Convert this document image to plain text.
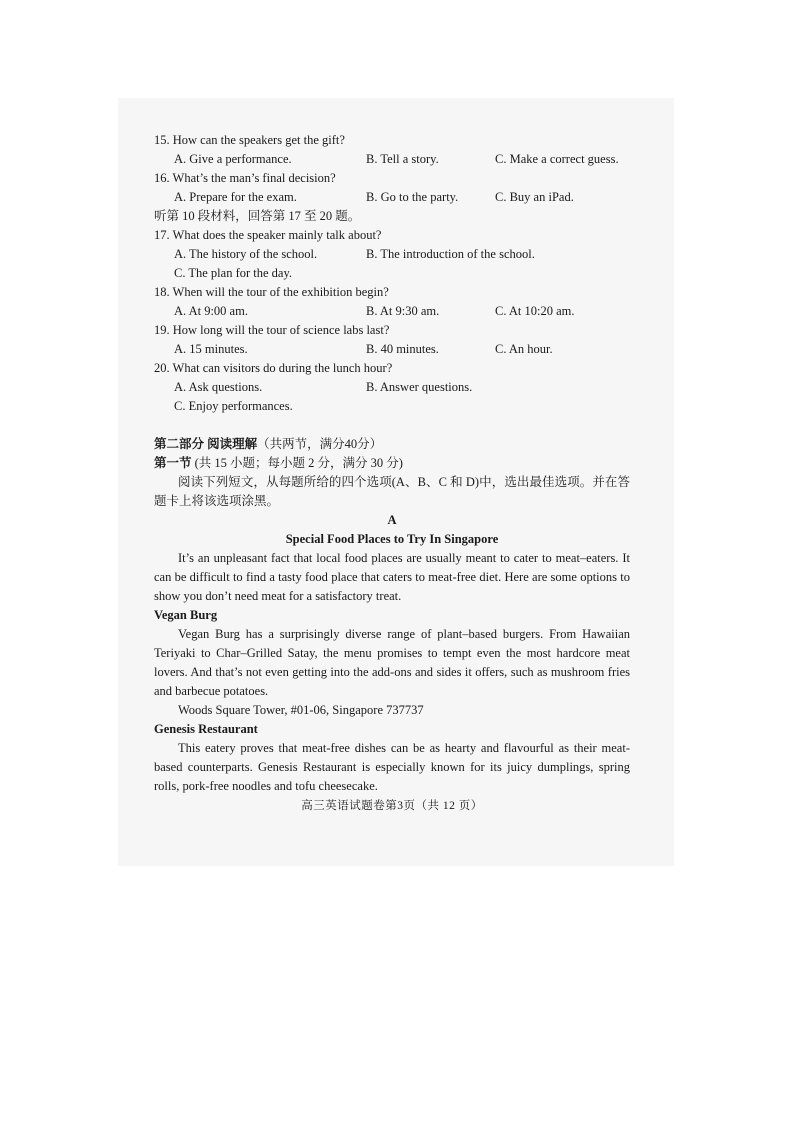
15. How can the speakers get the gift?
A. Give a performance.	B. Tell a story.	C. Make a correct guess.
16. What’s the man’s final decision?
A. Prepare for the exam.	B. Go to the party.	C. Buy an iPad.
听第 10 段材料，回答第 17 至 20 题。
17. What does the speaker mainly talk about?
A. The history of the school.	B. The introduction of the school.
C. The plan for the day.
18. When will the tour of the exhibition begin?
A. At 9:00 am.	B. At 9:30 am.	C. At 10:20 am.
19. How long will the tour of science labs last?
A. 15 minutes.	B. 40 minutes.	C. An hour.
20. What can visitors do during the lunch hour?
A. Ask questions.	B. Answer questions.
C. Enjoy performances.
第二部分 阅读理解（共两节，满分40分）
第一节 (共 15 小题；每小题 2 分，满分 30 分)

阅读下列短文，从每题所给的四个选项(A、B、C 和 D)中，选出最佳选项。并在答题卡上将该选项涂黑。

A
Special Food Places to Try In Singapore

It’s an unpleasant fact that local food places are usually meant to cater to meat–eaters. It can be difficult to find a tasty food place that caters to meat-free diet. Here are some options to show you don’t need meat for a satisfactory treat.

Vegan Burg

Vegan Burg has a surprisingly diverse range of plant–based burgers. From Hawaiian Teriyaki to Char–Grilled Satay, the menu promises to tempt even the most hardcore meat lovers. And that’s not even getting into the add-ons and sides it offers, such as mushroom fries and barbecue potatoes.

Woods Square Tower, #01-06, Singapore 737737
Genesis Restaurant

This eatery proves that meat-free dishes can be as hearty and flavourful as their meat-based counterparts. Genesis Restaurant is especially known for its juicy dumplings, spring rolls, pork-free noodles and tofu cheesecake.

高三英语试题卷第3页（共 12 页）
